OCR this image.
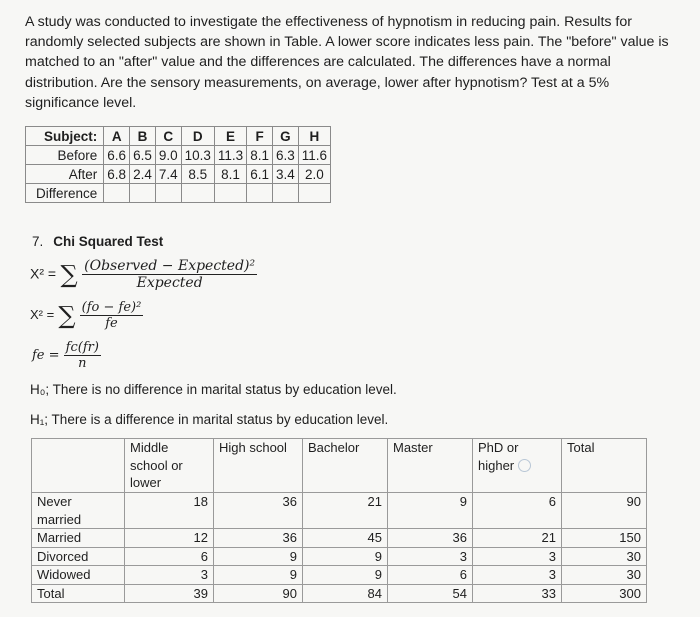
A study was conducted to investigate the effectiveness of hypnotism in reducing pain. Results for randomly selected subjects are shown in Table. A lower score indicates less pain. The "before" value is matched to an "after" value and the differences are calculated. The differences have a normal distribution. Are the sensory measurements, on average, lower after hypnotism? Test at a 5% significance level.
Subject:	A	B	C	D	E	F	G	H
Before	6.6	6.5	9.0	10.3	11.3	8.1	6.3	11.6
After	6.8	2.4	7.4	8.5	8.1	6.1	3.4	2.0
Difference								
7. Chi Squared Test
X² = ∑ $\frac{\text{(Observed − Expected)²}}{\text{Expected}}$
X² = ∑ $\frac{\text{(fo − fe)²}}{fe}$
fe = $\frac{fc(fr)}{n}$
H₀; There is no difference in marital status by education level.
H₁; There is a difference in marital status by education level.
	Middle school or lower	High school	Bachelor	Master	PhD or higher	Total
Never married	18	36	21	9	6	90
Married	12	36	45	36	21	150
Divorced	6	9	9	3	3	30
Widowed	3	9	9	6	3	30
Total	39	90	84	54	33	300
